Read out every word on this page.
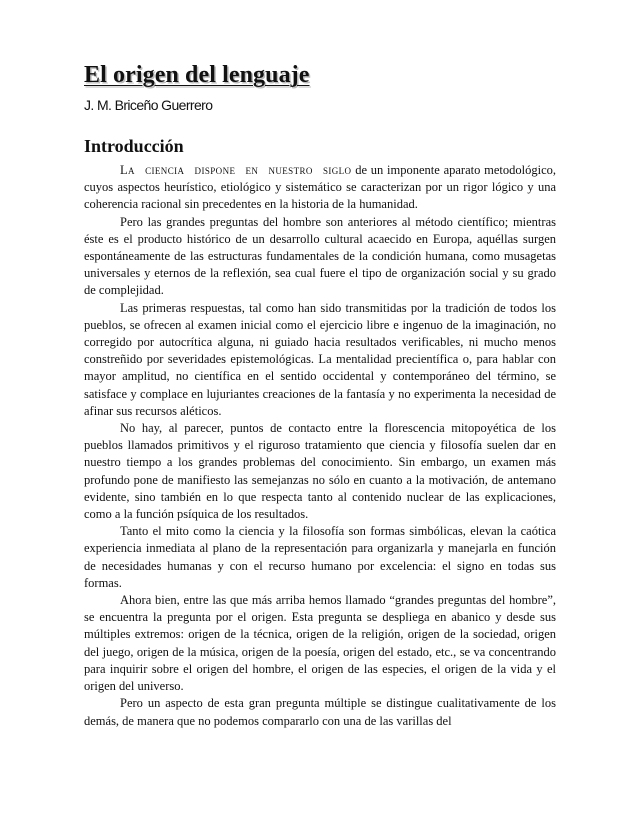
El origen del lenguaje

J. M. Briceño Guerrero

Introducción

La ciencia dispone en nuestro siglo de un imponente aparato metodológico, cuyos aspectos heurístico, etiológico y sistemático se caracterizan por un rigor lógico y una coherencia racional sin precedentes en la historia de la humanidad.

Pero las grandes preguntas del hombre son anteriores al método científico; mientras éste es el producto histórico de un desarrollo cultural acaecido en Europa, aquéllas surgen espontáneamente de las estructuras fundamentales de la condición humana, como musagetas universales y eternos de la reflexión, sea cual fuere el tipo de organización social y su grado de complejidad.

Las primeras respuestas, tal como han sido transmitidas por la tradición de todos los pueblos, se ofrecen al examen inicial como el ejercicio libre e ingenuo de la imaginación, no corregido por autocrítica alguna, ni guiado hacia resultados verificables, ni mucho menos constreñido por severidades epistemológicas. La mentalidad precientífica o, para hablar con mayor amplitud, no científica en el sentido occidental y contemporáneo del término, se satisface y complace en lujuriantes creaciones de la fantasía y no experimenta la necesidad de afinar sus recursos aléticos.

No hay, al parecer, puntos de contacto entre la florescencia mitopoyética de los pueblos llamados primitivos y el riguroso tratamiento que ciencia y filosofía suelen dar en nuestro tiempo a los grandes problemas del conocimiento. Sin embargo, un examen más profundo pone de manifiesto las semejanzas no sólo en cuanto a la motivación, de antemano evidente, sino también en lo que respecta tanto al contenido nuclear de las explicaciones, como a la función psíquica de los resultados.

Tanto el mito como la ciencia y la filosofía son formas simbólicas, elevan la caótica experiencia inmediata al plano de la representación para organizarla y manejarla en función de necesidades humanas y con el recurso humano por excelencia: el signo en todas sus formas.

Ahora bien, entre las que más arriba hemos llamado “grandes preguntas del hombre”, se encuentra la pregunta por el origen. Esta pregunta se despliega en abanico y desde sus múltiples extremos: origen de la técnica, origen de la religión, origen de la sociedad, origen del juego, origen de la música, origen de la poesía, origen del estado, etc., se va concentrando para inquirir sobre el origen del hombre, el origen de las especies, el origen de la vida y el origen del universo.

Pero un aspecto de esta gran pregunta múltiple se distingue cualitativamente de los demás, de manera que no podemos compararlo con una de las varillas del
